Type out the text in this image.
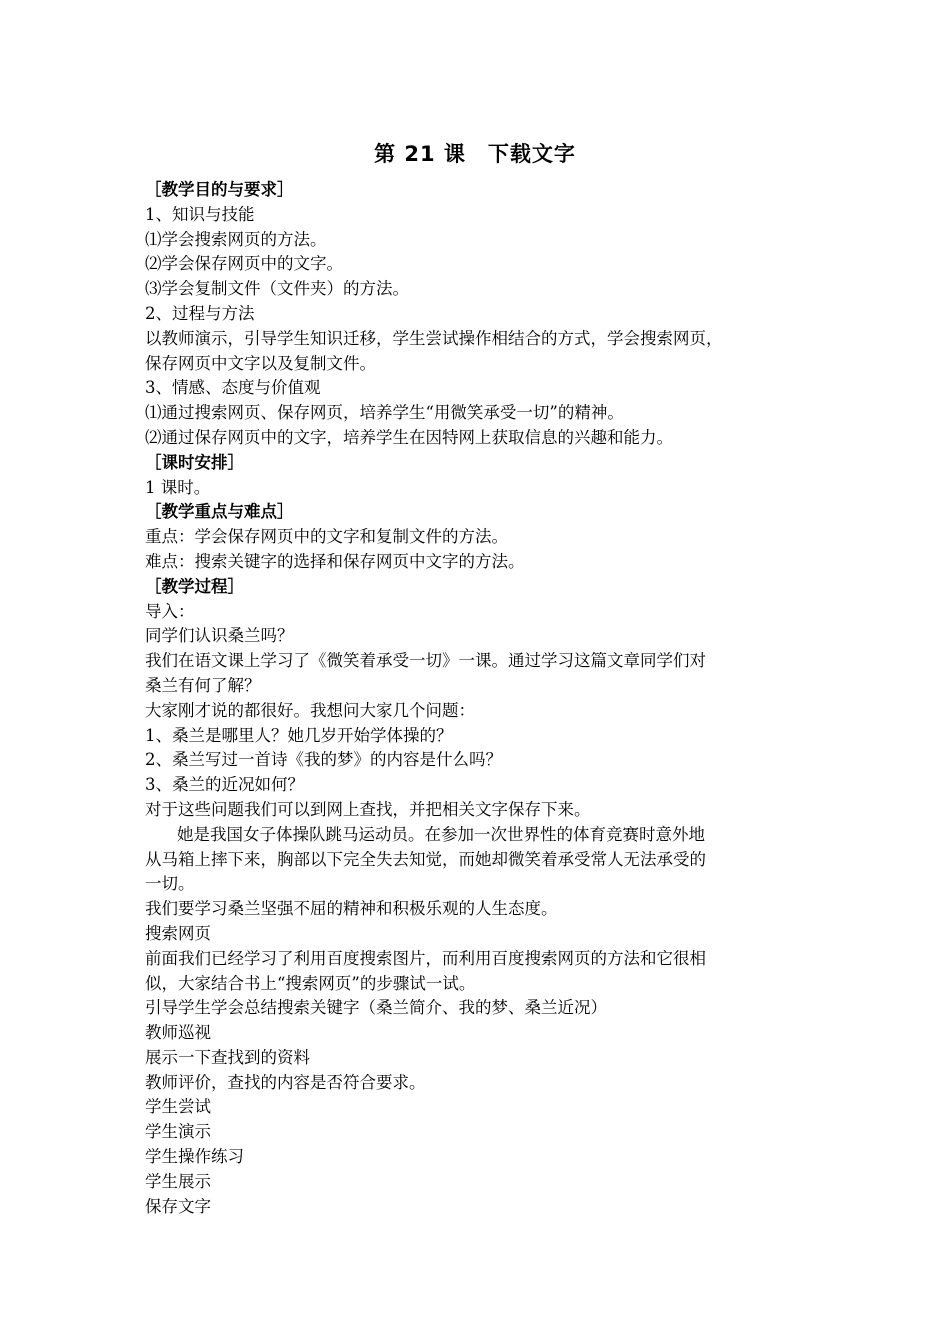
第 21 课　下载文字
［教学目的与要求］
1、知识与技能
⑴学会搜索网页的方法。
⑵学会保存网页中的文字。
⑶学会复制文件（文件夹）的方法。
2、过程与方法
以教师演示，引导学生知识迁移，学生尝试操作相结合的方式，学会搜索网页，
保存网页中文字以及复制文件。
3、情感、态度与价值观
⑴通过搜索网页、保存网页，培养学生“用微笑承受一切”的精神。
⑵通过保存网页中的文字，培养学生在因特网上获取信息的兴趣和能力。
［课时安排］
1 课时。
［教学重点与难点］
重点：学会保存网页中的文字和复制文件的方法。
难点：搜索关键字的选择和保存网页中文字的方法。
［教学过程］
导入：
同学们认识桑兰吗？
我们在语文课上学习了《微笑着承受一切》一课。通过学习这篇文章同学们对
桑兰有何了解？
大家刚才说的都很好。我想问大家几个问题：
1、桑兰是哪里人？她几岁开始学体操的？
2、桑兰写过一首诗《我的梦》的内容是什么吗？
3、桑兰的近况如何？
对于这些问题我们可以到网上查找，并把相关文字保存下来。
她是我国女子体操队跳马运动员。在参加一次世界性的体育竞赛时意外地
从马箱上摔下来，胸部以下完全失去知觉，而她却微笑着承受常人无法承受的
一切。
我们要学习桑兰坚强不屈的精神和积极乐观的人生态度。
搜索网页
前面我们已经学习了利用百度搜索图片，而利用百度搜索网页的方法和它很相
似，大家结合书上“搜索网页”的步骤试一试。
引导学生学会总结搜索关键字（桑兰简介、我的梦、桑兰近况）
教师巡视
展示一下查找到的资料
教师评价，查找的内容是否符合要求。
学生尝试
学生演示
学生操作练习
学生展示
保存文字
